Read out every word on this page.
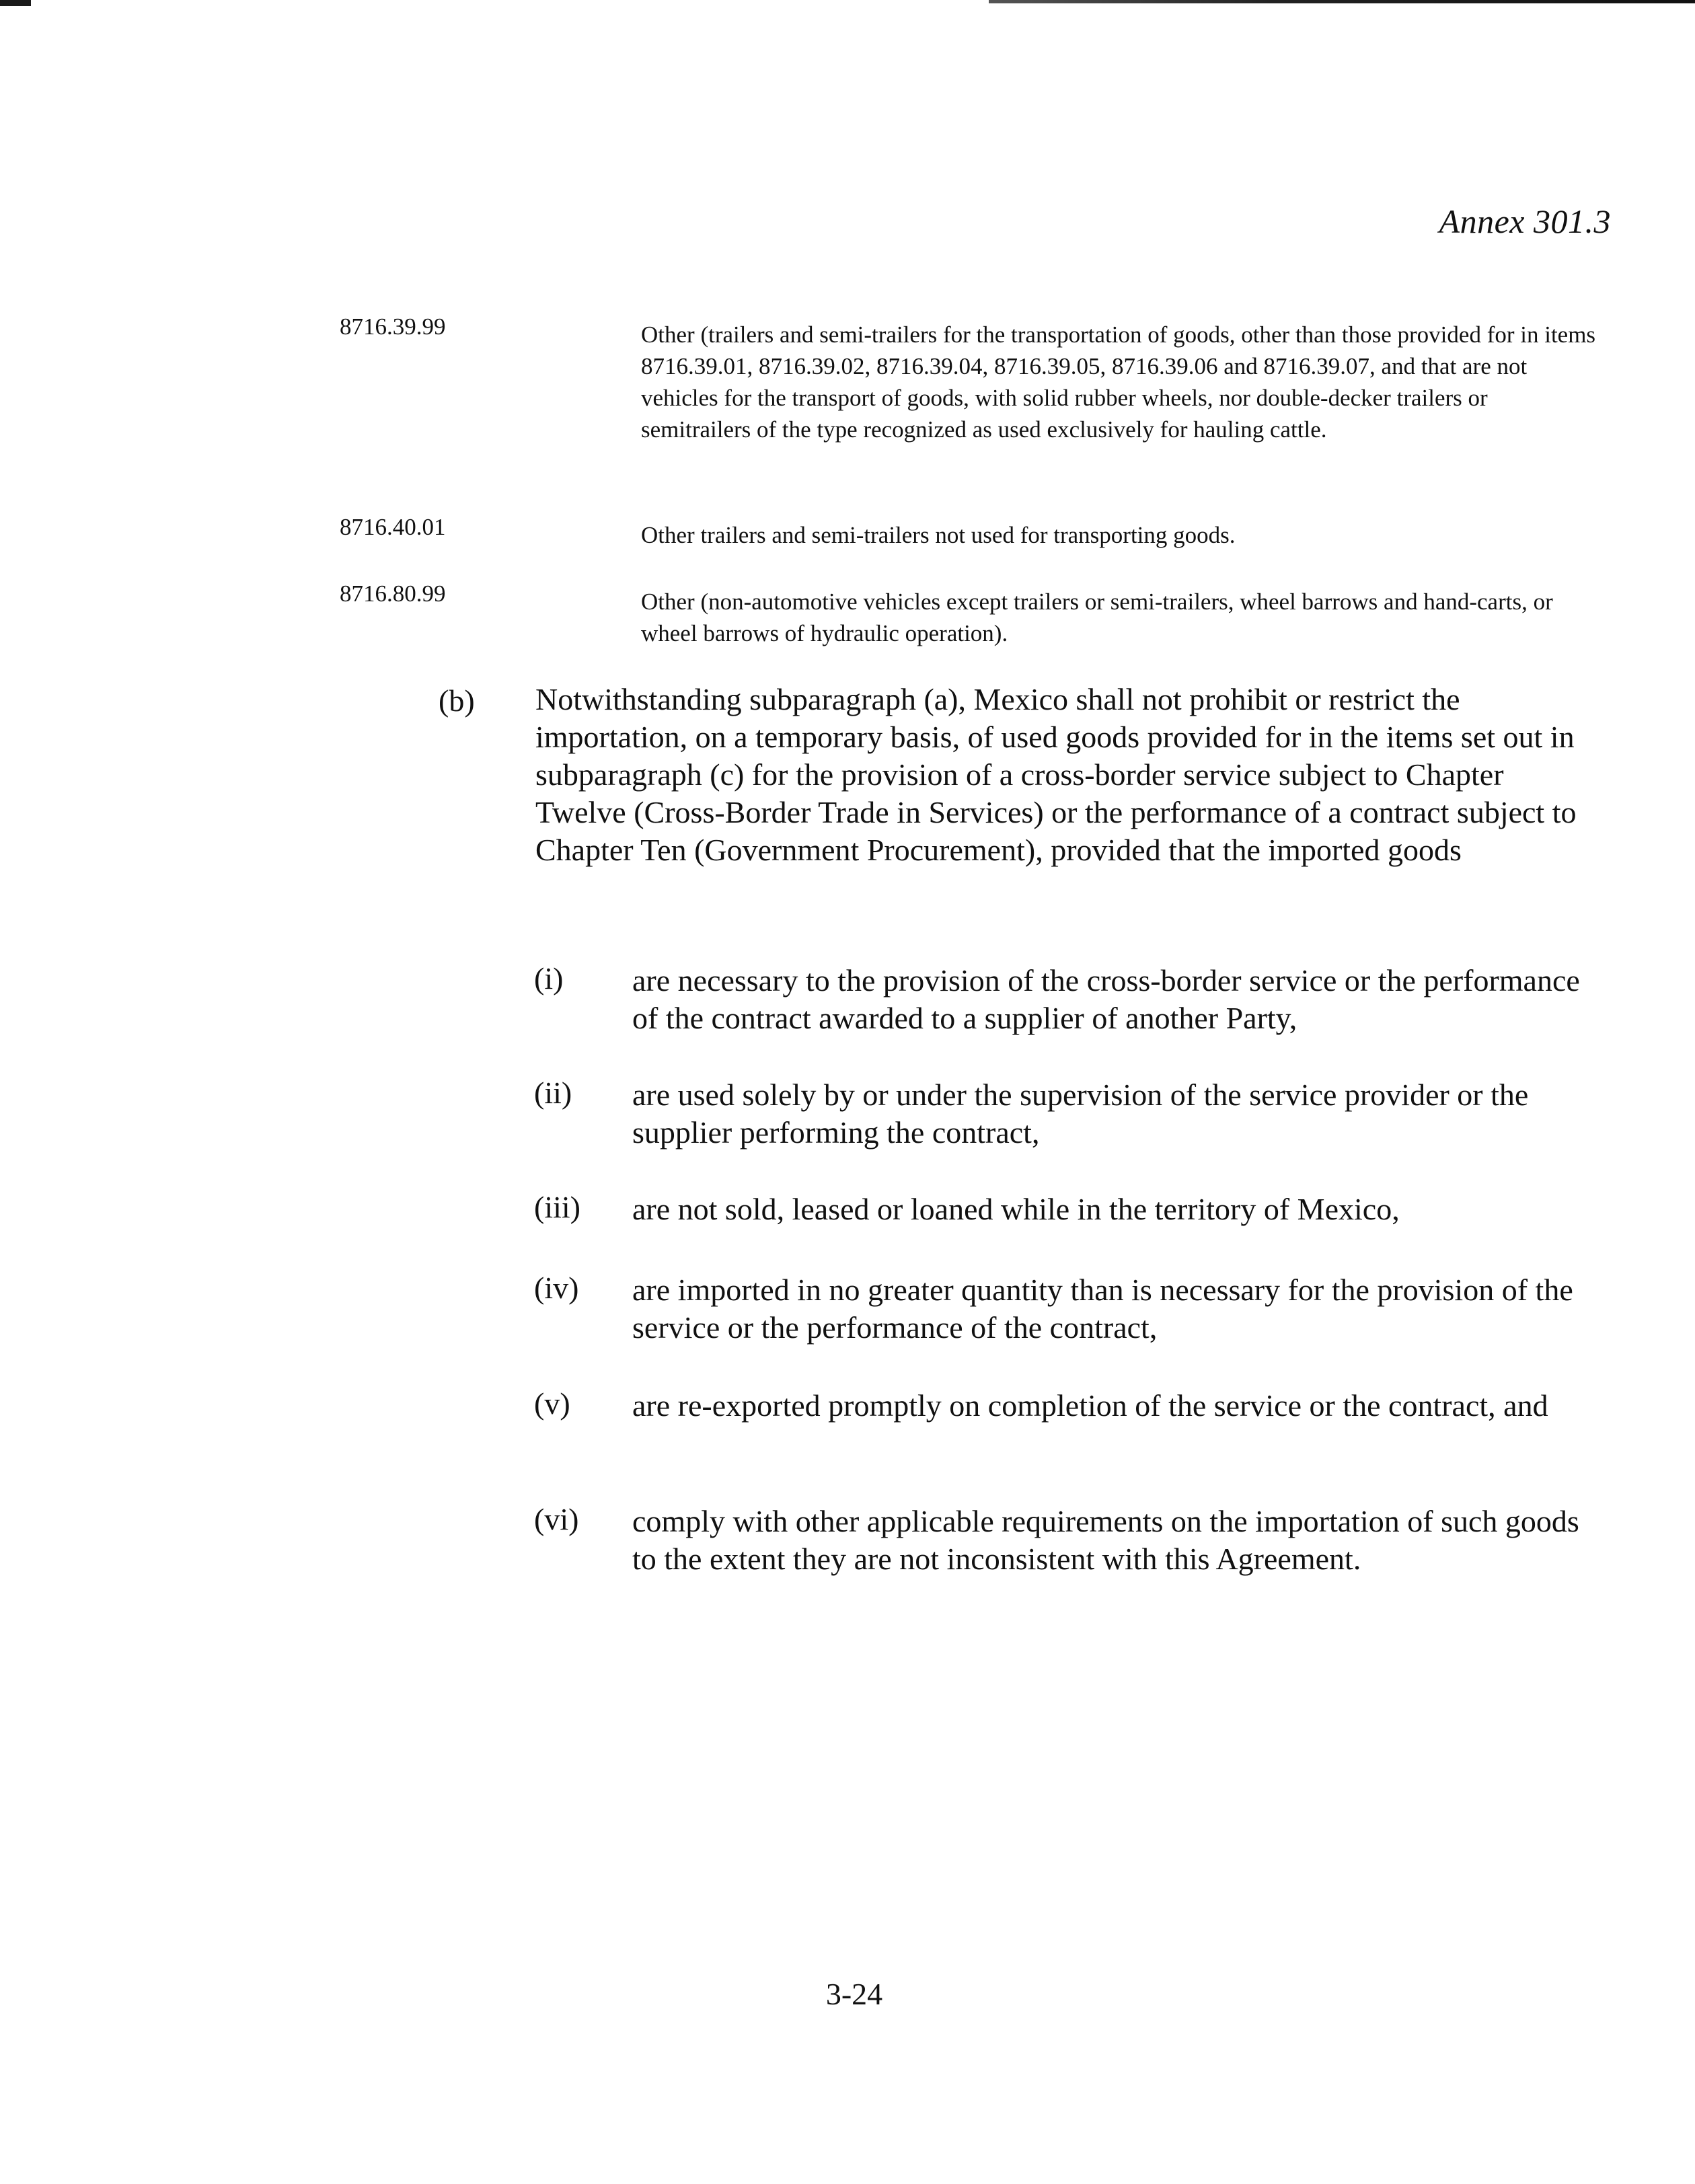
Annex 301.3
8716.39.99	Other (trailers and semi-trailers for the transportation of goods, other than those provided for in items 8716.39.01, 8716.39.02, 8716.39.04, 8716.39.05, 8716.39.06 and 8716.39.07, and that are not vehicles for the transport of goods, with solid rubber wheels, nor double-decker trailers or semitrailers of the type recognized as used exclusively for hauling cattle.
8716.40.01	Other trailers and semi-trailers not used for transporting goods.
8716.80.99	Other (non-automotive vehicles except trailers or semi-trailers, wheel barrows and hand-carts, or wheel barrows of hydraulic operation).
(b) Notwithstanding subparagraph (a), Mexico shall not prohibit or restrict the importation, on a temporary basis, of used goods provided for in the items set out in subparagraph (c) for the provision of a cross-border service subject to Chapter Twelve (Cross-Border Trade in Services) or the performance of a contract subject to Chapter Ten (Government Procurement), provided that the imported goods
(i) are necessary to the provision of the cross-border service or the performance of the contract awarded to a supplier of another Party,
(ii) are used solely by or under the supervision of the service provider or the supplier performing the contract,
(iii) are not sold, leased or loaned while in the territory of Mexico,
(iv) are imported in no greater quantity than is necessary for the provision of the service or the performance of the contract,
(v) are re-exported promptly on completion of the service or the contract, and
(vi) comply with other applicable requirements on the importation of such goods to the extent they are not inconsistent with this Agreement.
3-24
